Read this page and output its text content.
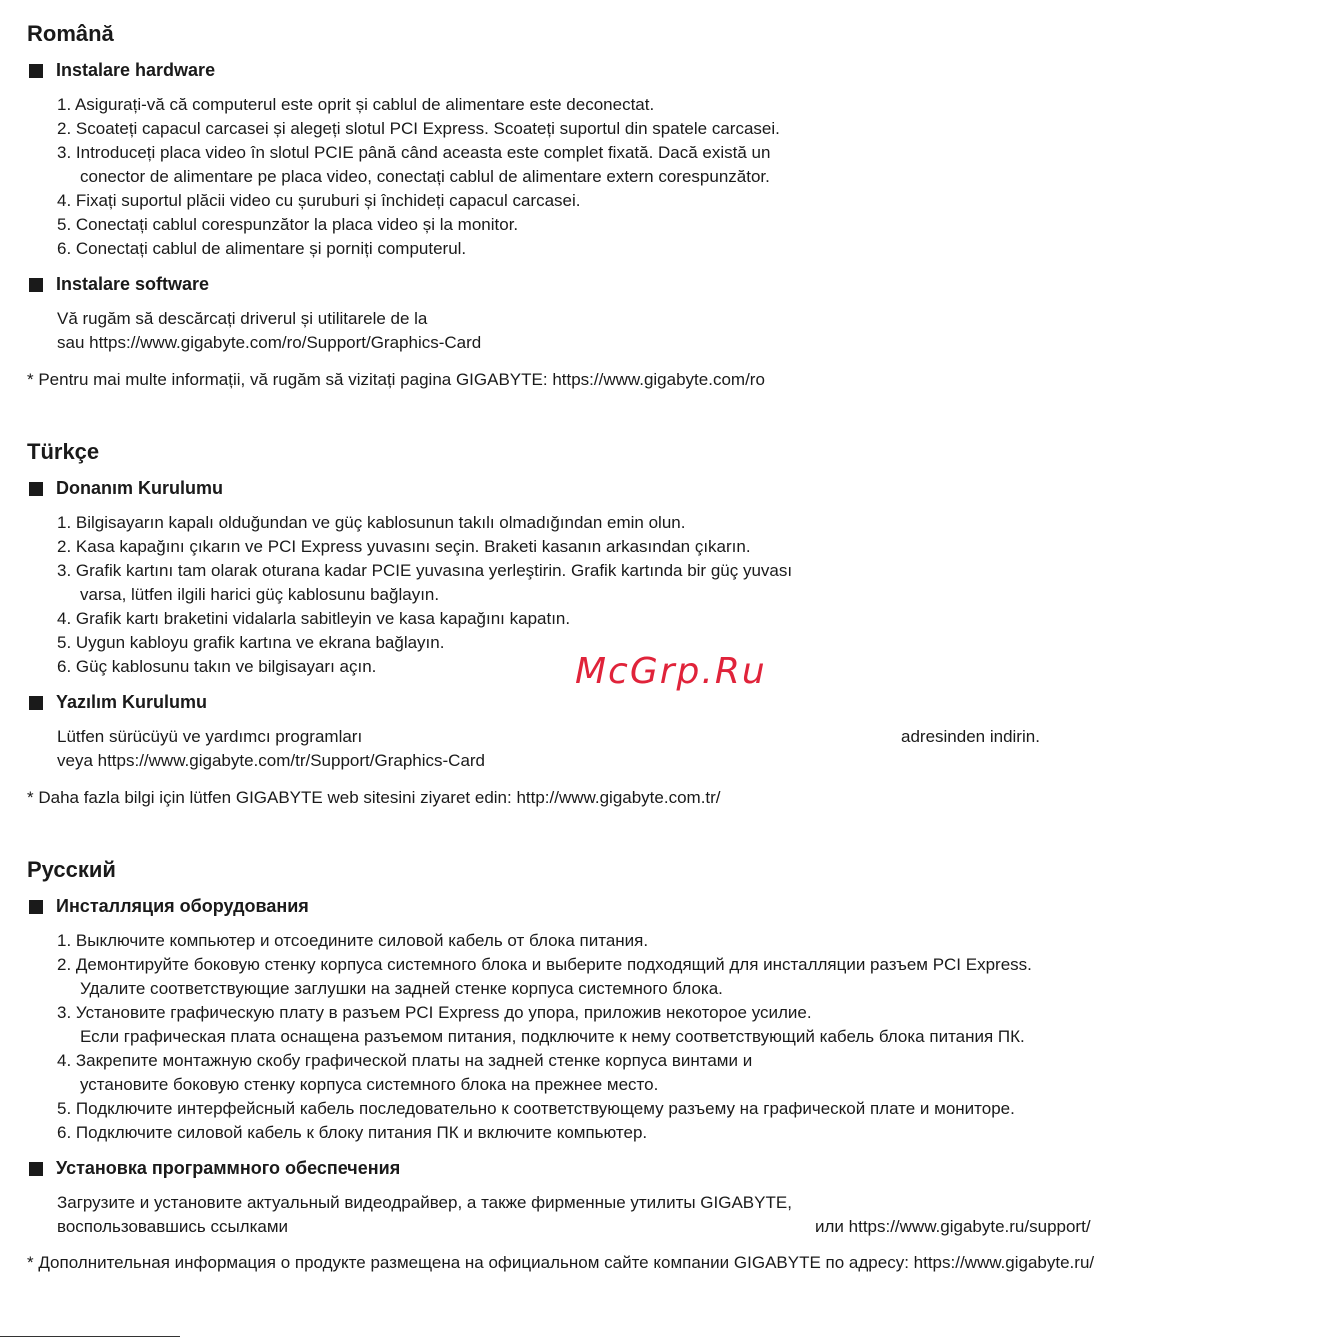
Română
Instalare hardware
1. Asigurați-vă că computerul este oprit și cablul de alimentare este deconectat.
2. Scoateți capacul carcasei și alegeți slotul PCI Express. Scoateți suportul din spatele carcasei.
3. Introduceți placa video în slotul PCIE până când aceasta este complet fixată. Dacă există un
conector de alimentare pe placa video, conectați cablul de alimentare extern corespunzător.
4. Fixați suportul plăcii video cu șuruburi și închideți capacul carcasei.
5. Conectați cablul corespunzător la placa video și la monitor.
6. Conectați cablul de alimentare și porniți computerul.
Instalare software
Vă rugăm să descărcați driverul și utilitarele de la
sau https://www.gigabyte.com/ro/Support/Graphics-Card
* Pentru mai multe informații, vă rugăm să vizitați pagina GIGABYTE: https://www.gigabyte.com/ro
Türkçe
Donanım Kurulumu
1. Bilgisayarın kapalı olduğundan ve güç kablosunun takılı olmadığından emin olun.
2. Kasa kapağını çıkarın ve PCI Express yuvasını seçin. Braketi kasanın arkasından çıkarın.
3. Grafik kartını tam olarak oturana kadar PCIE yuvasına yerleştirin. Grafik kartında bir güç yuvası
varsa, lütfen ilgili harici güç kablosunu bağlayın.
4. Grafik kartı braketini vidalarla sabitleyin ve kasa kapağını kapatın.
5. Uygun kabloyu grafik kartına ve ekrana bağlayın.
6. Güç kablosunu takın ve bilgisayarı açın.
Yazılım Kurulumu
Lütfen sürücüyü ve yardımcı programları	adresinden indirin.
veya https://www.gigabyte.com/tr/Support/Graphics-Card
* Daha fazla bilgi için lütfen GIGABYTE web sitesini ziyaret edin: http://www.gigabyte.com.tr/
Русский
Инсталляция оборудования
1. Выключите компьютер и отсоедините силовой кабель от блока питания.
2. Демонтируйте боковую стенку корпуса системного блока и выберите подходящий для инсталляции разъем PCI Express.
Удалите соответствующие заглушки на задней стенке корпуса системного блока.
3. Установите графическую плату в разъем PCI Express до упора, приложив некоторое усилие.
Если графическая плата оснащена разъемом питания, подключите к нему соответствующий кабель блока питания ПК.
4. Закрепите монтажную скобу графической платы на задней стенке корпуса винтами и
установите боковую стенку корпуса системного блока на прежнее место.
5. Подключите интерфейсный кабель последовательно к соответствующему разъему на графической плате и мониторе.
6. Подключите силовой кабель к блоку питания ПК и включите компьютер.
Установка программного обеспечения
Загрузите и установите актуальный видеодрайвер, а также фирменные утилиты GIGABYTE,
воспользовавшись ссылками	или https://www.gigabyte.ru/support/
* Дополнительная информация о продукте размещена на официальном сайте компании GIGABYTE по адресу: https://www.gigabyte.ru/
McGrp.Ru
